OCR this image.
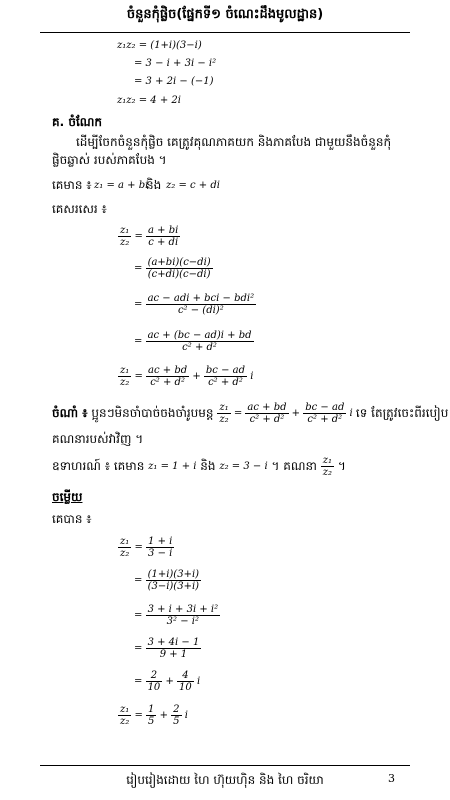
ចំនួនកុំផ្លិច(ផ្នែកទី១ ចំណេះដឹងមូលដ្ឋាន)
z₁z₂ = (1+i)(3−i)
= 3 − i + 3i − i²
= 3 + 2i − (−1)
z₁z₂ = 4 + 2i
គ. ចំណែក
ដើម្បីចែកចំនួនកុំផ្លិច គេត្រូវគុណភាគយក និងភាគបែង ជាមួយនឹងចំនួនកុំផ្លិចឆ្លាស់ របស់ភាគបែង ។
គេមាន ៖ z₁ = a + bi
និង z₂ = c + di
គេសរសេរ ៖
$\frac{\text{z₁}}{\text{z₂}} = \frac{a + bi}{c + di}$
= $\frac{(a+bi)(c-di)}{(c+di)(c-di)}$
= $\frac{\text{ac − adi + bci − bdi²}}{\text{c² − (di)²}}$
= $\frac{ac + (bc - ad)i + bd}{\text{c² + d²}}$
$\frac{\text{z₁}}{\text{z₂}} = \frac{ac + bd}{\text{c² + d²}} + \frac{bc - ad}{\text{c² + d²}}$ i
ចំណាំ ៖
ប្អូនៗមិនចាំបាច់ចងចាំរូបមន្ត
$\frac{\text{z₁}}{\text{z₂}} = \frac{ac + bd}{\text{c² + d²}} + \frac{bc - ad}{\text{c² + d²}}$ i ទេ តែត្រូវចេះពីរបៀប
គណនារបស់វាវិញ ។
ឧទាហរណ៍ ៖
គេមាន
z₁ = 1 + i
និង
z₂ = 3 − i
។ គណនា
$\frac{\text{z₁}}{\text{z₂}}$
។
ចម្លើយ
គេបាន ៖
$\frac{\text{z₁}}{\text{z₂}} = \frac{1 + i}{3 - i}$
= $\frac{(1+i)(3+i)}{(3-i)(3+i)}$
= $\frac{\text{3 + i + 3i + i²}}{\text{3² − i²}}$
= $\frac{3 + 4i - 1}{9 + 1}$
= $\frac{2}{10} + \frac{4}{10}$ i
$\frac{\text{z₁}}{\text{z₂}} = \frac{1}{5} + \frac{2}{5}$ i
រៀបរៀងដោយ ហៃ ហ៊ុយហ៊ិន និង ហៃ ចរិយា	3
